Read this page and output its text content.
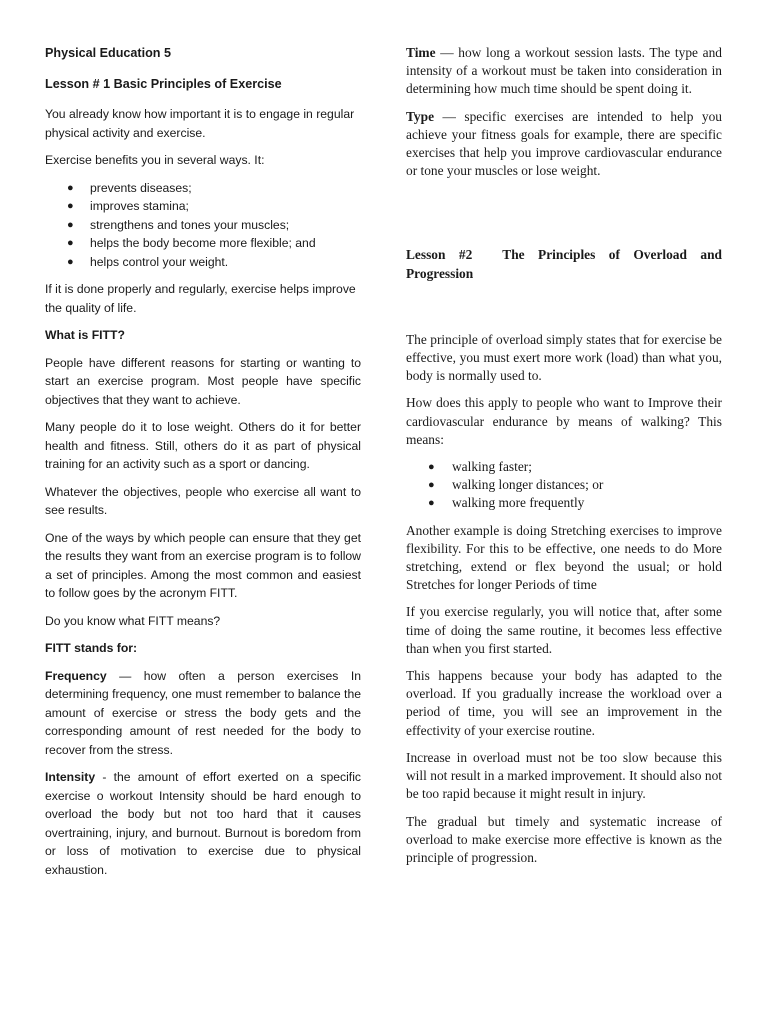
Physical Education 5
Lesson # 1 Basic Principles of Exercise

You already know how important it is to engage in regular physical activity and exercise.

Exercise benefits you in several ways. It:

● prevents diseases;
● improves stamina;
● strengthens and tones your muscles;
● helps the body become more flexible; and
● helps control your weight.

If it is done properly and regularly, exercise helps improve the quality of life.

What is FITT?

People have different reasons for starting or wanting to start an exercise program. Most people have specific objectives that they want to achieve.

Many people do it to lose weight. Others do it for better health and fitness. Still, others do it as part of physical training for an activity such as a sport or dancing.

Whatever the objectives, people who exercise all want to see results.

One of the ways by which people can ensure that they get the results they want from an exercise program is to follow a set of principles. Among the most common and easiest to follow goes by the acronym FITT.

Do you know what FITT means?

FITT stands for:

Frequency — how often a person exercises In determining frequency, one must remember to balance the amount of exercise or stress the body gets and the corresponding amount of rest needed for the body to recover from the stress.

Intensity - the amount of effort exerted on a specific exercise o workout Intensity should be hard enough to overload the body but not too hard that it causes overtraining, injury, and burnout. Burnout is boredom from or loss of motivation to exercise due to physical exhaustion.

Time — how long a workout session lasts. The type and intensity of a workout must be taken into consideration in determining how much time should be spent doing it.

Type — specific exercises are intended to help you achieve your fitness goals for example, there are specific exercises that help you improve cardiovascular endurance or tone your muscles or lose weight.

Lesson #2 The Principles of Overload and Progression

The principle of overload simply states that for exercise be effective, you must exert more work (load) than what you, body is normally used to.

How does this apply to people who want to Improve their cardiovascular endurance by means of walking? This means:

● walking faster;
● walking longer distances; or
● walking more frequently

Another example is doing Stretching exercises to improve flexibility. For this to be effective, one needs to do More stretching, extend or flex beyond the usual; or hold Stretches for longer Periods of time

If you exercise regularly, you will notice that, after some time of doing the same routine, it becomes less effective than when you first started.

This happens because your body has adapted to the overload. If you gradually increase the workload over a period of time, you will see an improvement in the effectivity of your exercise routine.

Increase in overload must not be too slow because this will not result in a marked improvement. It should also not be too rapid because it might result in injury.

The gradual but timely and systematic increase of overload to make exercise more effective is known as the principle of progression.
